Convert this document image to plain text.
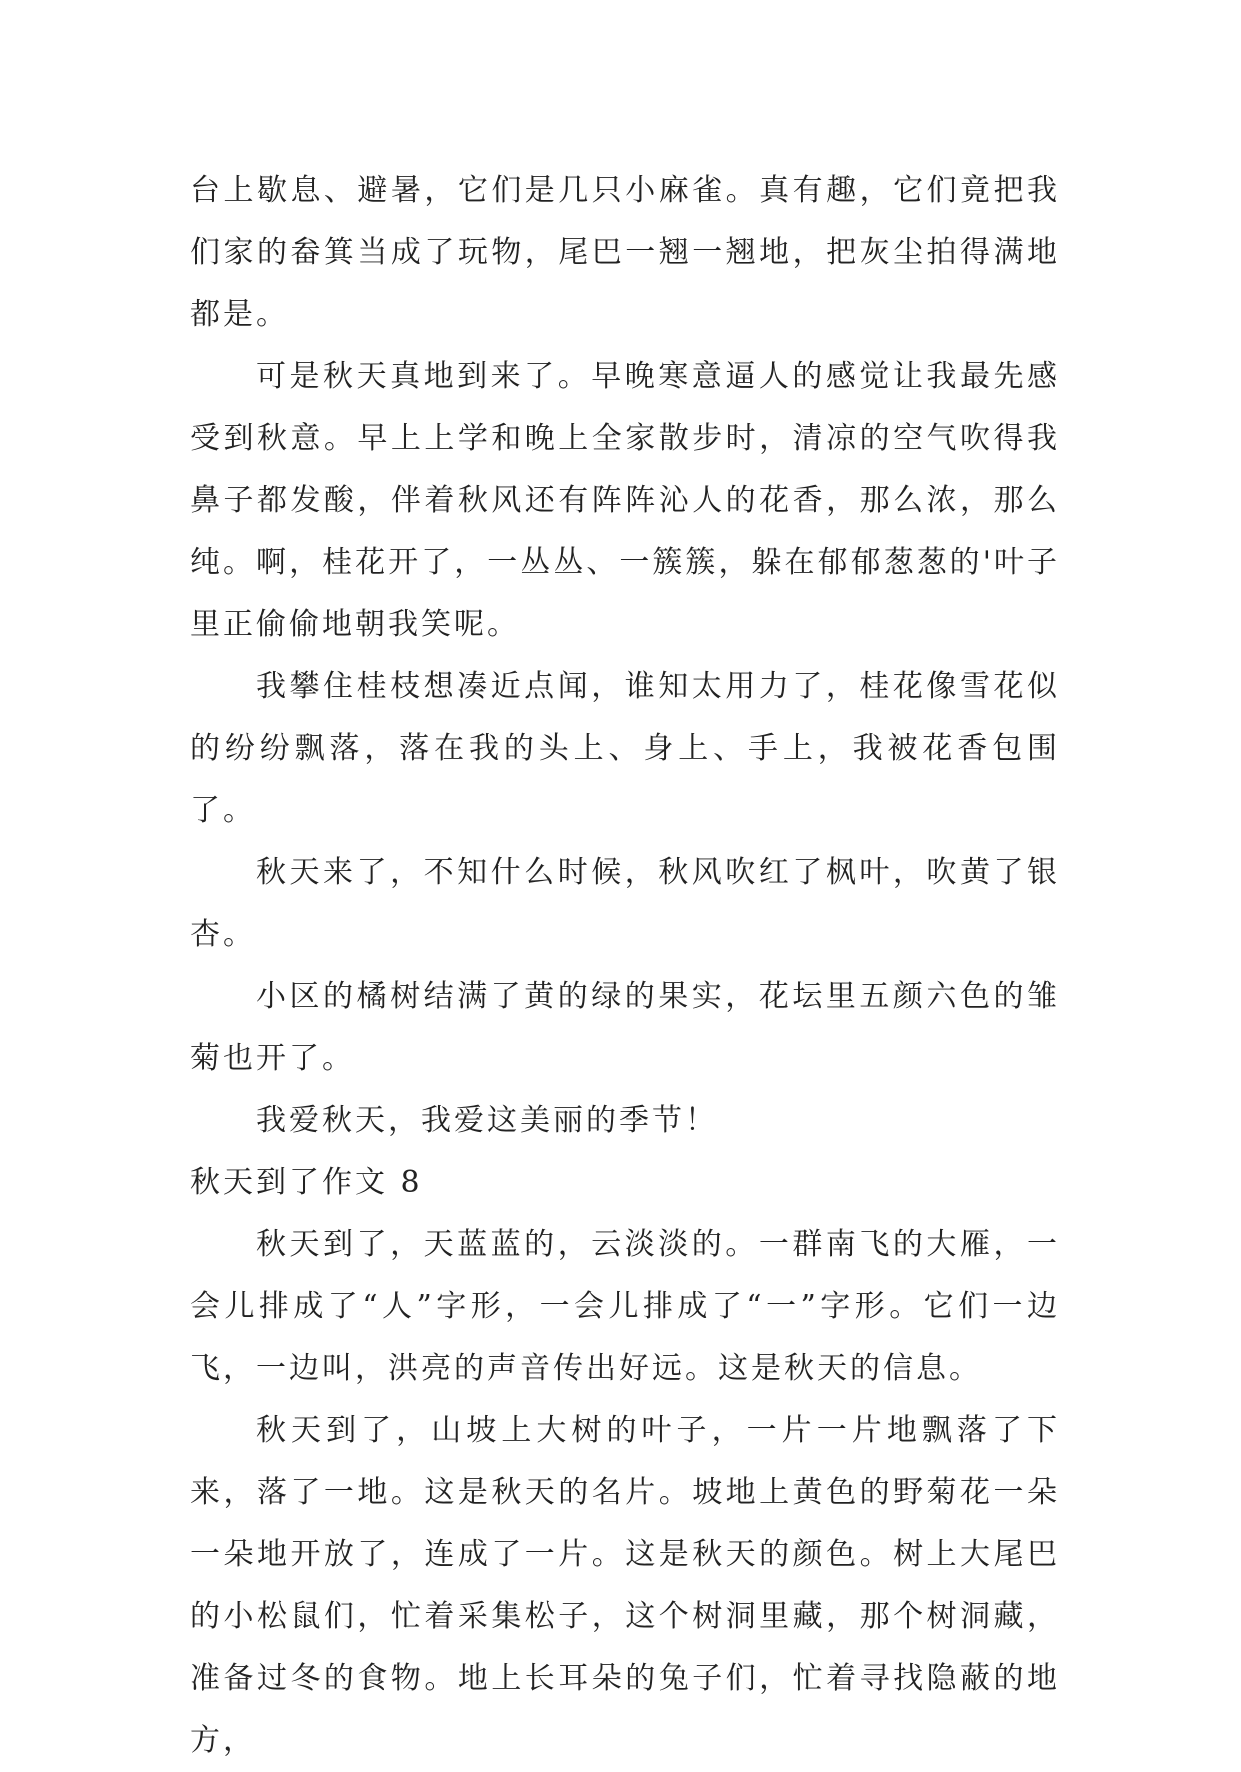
台上歇息、避暑，它们是几只小麻雀。真有趣，它们竟把我们家的畚箕当成了玩物，尾巴一翘一翘地，把灰尘拍得满地都是。

可是秋天真地到来了。早晚寒意逼人的感觉让我最先感受到秋意。早上上学和晚上全家散步时，清凉的空气吹得我鼻子都发酸，伴着秋风还有阵阵沁人的花香，那么浓，那么纯。啊，桂花开了，一丛丛、一簇簇，躲在郁郁葱葱的'叶子里正偷偷地朝我笑呢。

我攀住桂枝想凑近点闻，谁知太用力了，桂花像雪花似的纷纷飘落，落在我的头上、身上、手上，我被花香包围了。

秋天来了，不知什么时候，秋风吹红了枫叶，吹黄了银杏。

小区的橘树结满了黄的绿的果实，花坛里五颜六色的雏菊也开了。

我爱秋天，我爱这美丽的季节！

秋天到了作文 8

秋天到了，天蓝蓝的，云淡淡的。一群南飞的大雁，一会儿排成了“人”字形，一会儿排成了“一”字形。它们一边飞，一边叫，洪亮的声音传出好远。这是秋天的信息。

秋天到了，山坡上大树的叶子，一片一片地飘落了下来，落了一地。这是秋天的名片。坡地上黄色的野菊花一朵一朵地开放了，连成了一片。这是秋天的颜色。树上大尾巴的小松鼠们，忙着采集松子，这个树洞里藏，那个树洞藏，准备过冬的食物。地上长耳朵的兔子们，忙着寻找隐蔽的地方，
